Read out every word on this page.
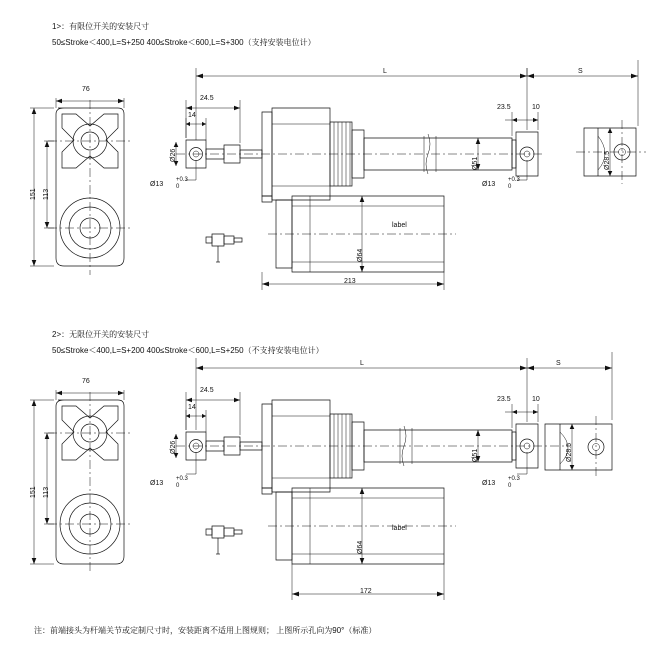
1>：有限位开关的安装尺寸
50≤Stroke＜400,L=S+250 400≤Stroke＜600,L=S+300（支持安装电位计）
2>：无限位开关的安装尺寸
50≤Stroke＜400,L=S+200 400≤Stroke＜600,L=S+250（不支持安装电位计）
注：前端接头为杆端关节或定制尺寸时，安装距离不适用上图规则； 上图所示孔向为90°（标准）
76
151 113
L	S
24.5
14
Ø26
Ø51
Ø64
23.5	10
Ø28.5
213
label
Ø13
+0.3
0	Ø13
+0.3
0
76
151 113
L	S
24.5
14
Ø26
Ø51
Ø64
23.5	10
Ø28.5
172
label
Ø13
+0.3
0	Ø13
+0.3
0
